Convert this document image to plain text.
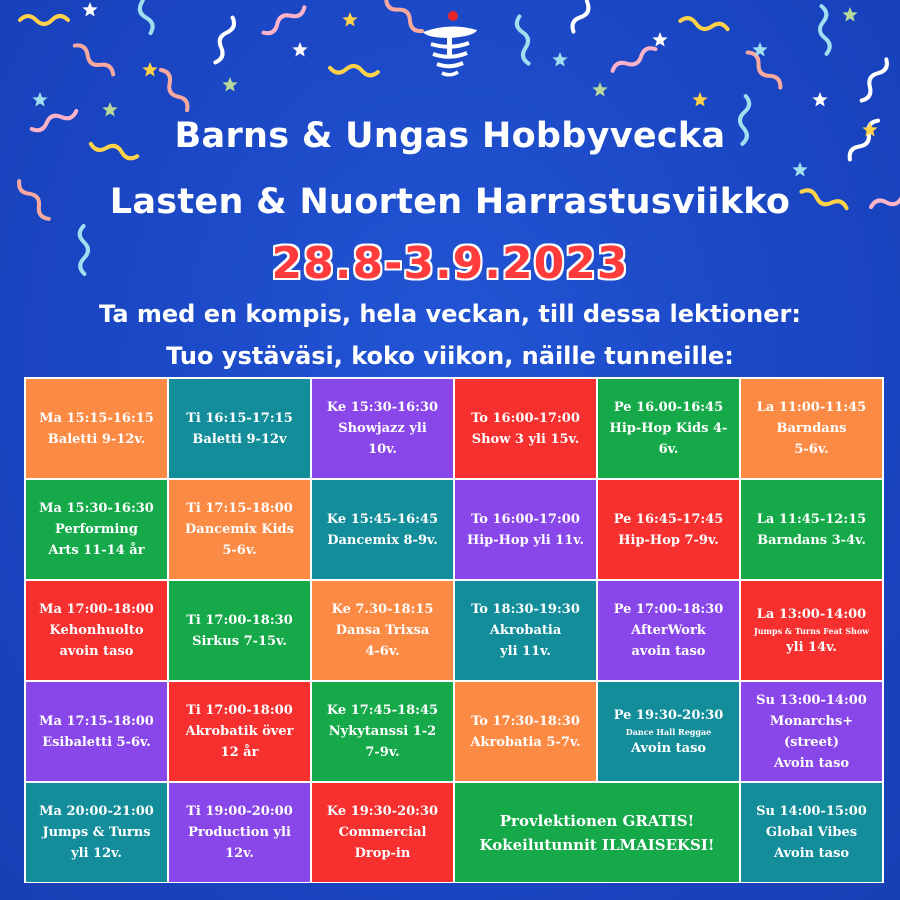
Barns & Ungas Hobbyvecka
Lasten & Nuorten Harrastusviikko
28.8-3.9.2023
Ta med en kompis, hela veckan, till dessa lektioner:
Tuo ystäväsi, koko viikon, näille tunneille:
Ma 15:15-16:15
Baletti 9-12v.
Ti 16:15-17:15
Baletti 9-12v
Ke 15:30-16:30
Showjazz yli
10v.
To 16:00-17:00
Show 3 yli 15v.
Pe 16.00-16:45
Hip-Hop Kids 4-
6v.
La 11:00-11:45
Barndans
5-6v.
Ma 15:30-16:30
Performing
Arts 11-14 år
Ti 17:15-18:00
Dancemix Kids
5-6v.
Ke 15:45-16:45
Dancemix 8-9v.
To 16:00-17:00
Hip-Hop yli 11v.
Pe 16:45-17:45
Hip-Hop 7-9v.
La 11:45-12:15
Barndans 3-4v.
Ma 17:00-18:00
Kehonhuolto
avoin taso
Ti 17:00-18:30
Sirkus 7-15v.
Ke 7.30-18:15
Dansa Trixsa
4-6v.
To 18:30-19:30
Akrobatia
yli 11v.
Pe 17:00-18:30
AfterWork
avoin taso
La 13:00-14:00
Jumps & Turns Feat Show
yli 14v.
Ma 17:15-18:00
Esibaletti 5-6v.
Ti 17:00-18:00
Akrobatik över
12 år
Ke 17:45-18:45
Nykytanssi 1-2
7-9v.
To 17:30-18:30
Akrobatia 5-7v.
Pe 19:30-20:30
Dance Hall Reggae
Avoin taso
Su 13:00-14:00
Monarchs+
(street)
Avoin taso
Ma 20:00-21:00
Jumps & Turns
yli 12v.
Ti 19:00-20:00
Production yli
12v.
Ke 19:30-20:30
Commercial
Drop-in
Provlektionen GRATIS!
Kokeilutunnit ILMAISEKSI!
Su 14:00-15:00
Global Vibes
Avoin taso
